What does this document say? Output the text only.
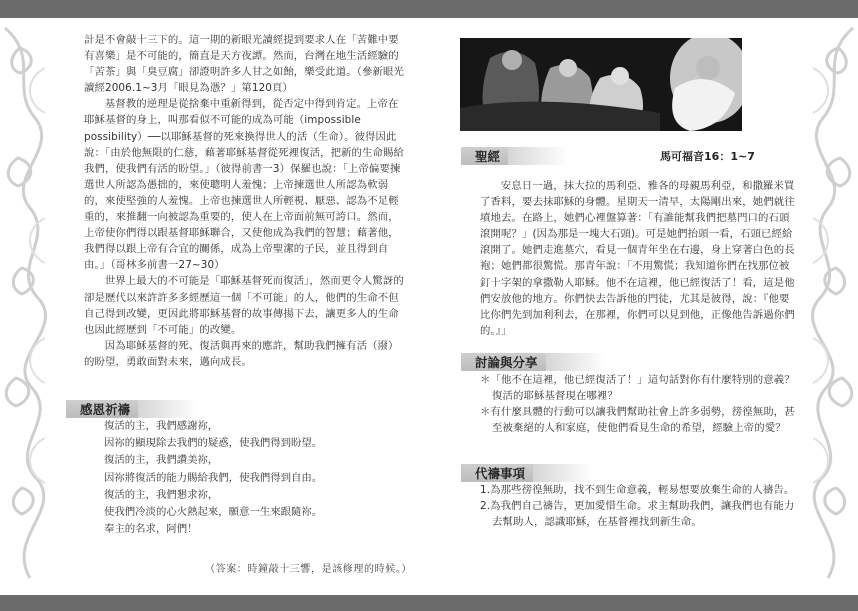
計是不會敲十三下的。這一期的新眼光讀經提到要求人在「苦難中要有喜樂」是不可能的，簡直是天方夜譚。然而，台灣在地生活經驗的「苦茶」與「臭豆腐」卻證明許多人甘之如飴，樂受此道。（參新眼光讀經2006.1~3月「眼見為憑？」第120頁）

基督教的逆理是從捨棄中重新得到，從否定中得到肯定。上帝在耶穌基督的身上，叫那看似不可能的成為可能（impossible possibility）──以耶穌基督的死來換得世人的活（生命）。彼得因此說：「由於他無限的仁慈，藉著耶穌基督從死裡復活，把新的生命賜給我們，使我們有活的盼望。」（彼得前書一3）保羅也說：「上帝偏要揀選世人所認為愚拙的，來使聰明人羞愧；上帝揀選世人所認為軟弱的，來使堅強的人羞愧。上帝也揀選世人所輕視、厭惡、認為不足輕重的，來推翻一向被認為重要的，使人在上帝面前無可誇口。然而，上帝使你們得以跟基督耶穌聯合，又使他成為我們的智慧；藉著他，我們得以跟上帝有合宜的關係，成為上帝聖潔的子民，並且得到自由。」（哥林多前書一27~30）

世界上最大的不可能是「耶穌基督死而復活」，然而更令人驚訝的卻是歷代以來許許多多經歷這一個「不可能」的人，他們的生命不但自己得到改變，更因此將耶穌基督的故事傳揚下去，讓更多人的生命也因此經歷到「不可能」的改變。

因為耶穌基督的死、復活與再來的應許，幫助我們擁有活（潑）的盼望，勇敢面對未來，邁向成長。

感恩祈禱
復活的主，我們感謝祢，
因祢的顯現除去我們的疑惑，使我們得到盼望。
復活的主，我們讚美祢，
因祢將復活的能力賜給我們，使我們得到自由。
復活的主，我們懇求祢，
使我們冷淡的心火熱起來，願意一生來跟隨祢。
奉主的名求，阿們！
（答案：時鐘敲十三響，是該修理的時候。）
聖經	馬可福音16：1~7

安息日一過，抹大拉的馬利亞、雅各的母親馬利亞，和撒羅米買了香料，要去抹耶穌的身體。星期天一清早，太陽剛出來，她們就往墳地去。在路上，她們心裡盤算著：「有誰能幫我們把墓門口的石頭滾開呢？」(因為那是一塊大石頭)。可是她們抬頭一看，石頭已經給滾開了。她們走進墓穴，看見一個青年坐在右邊，身上穿著白色的長袍；她們都很驚慌。那青年說：「不用驚慌；我知道你們在找那位被釘十字架的拿撒勒人耶穌。他不在這裡，他已經復活了！看，這是他們安放他的地方。你們快去告訴他的門徒，尤其是彼得，說：『他要比你們先到加利利去，在那裡，你們可以見到他，正像他告訴過你們的。』」

討論與分享

＊「他不在這裡，他已經復活了！」這句話對你有什麼特別的意義？復活的耶穌基督現在哪裡？

＊有什麼具體的行動可以讓我們幫助社會上許多弱勢，徬徨無助，甚至被棄絕的人和家庭，使他們看見生命的希望，經驗上帝的愛？

代禱事項

1.為那些徬徨無助，找不到生命意義，輕易想要放棄生命的人禱告。

2.為我們自己禱告，更加愛惜生命。求主幫助我們，讓我們也有能力去幫助人，認識耶穌，在基督裡找到新生命。
